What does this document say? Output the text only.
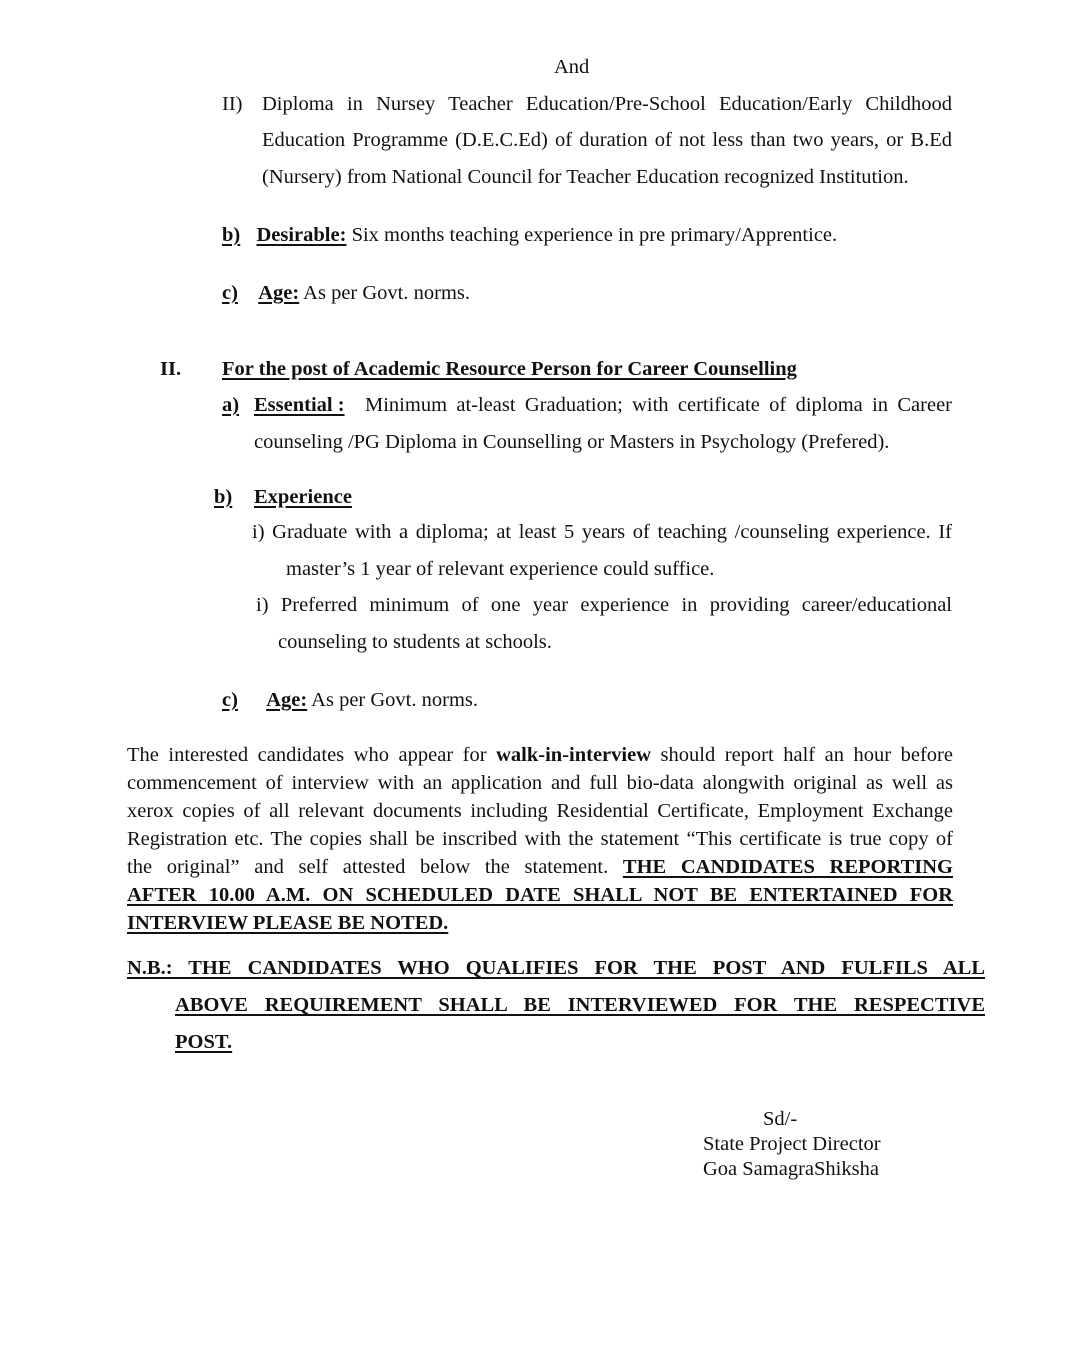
And
II) Diploma in Nursey Teacher Education/Pre-School Education/Early Childhood
Education Programme (D.E.C.Ed) of duration of not less than two years, or B.Ed
(Nursery) from National Council for Teacher Education recognized Institution.
b) Desirable: Six months teaching experience in pre primary/Apprentice.
c) Age: As per Govt. norms.
II. For the post of Academic Resource Person for Career Counselling
a) Essential : Minimum at-least Graduation; with certificate of diploma in Career
counseling /PG Diploma in Counselling or Masters in Psychology (Prefered).
b) Experience
i) Graduate with a diploma; at least 5 years of teaching /counseling experience. If
master’s 1 year of relevant experience could suffice.
i) Preferred minimum of one year experience in providing career/educational
counseling to students at schools.
c) Age: As per Govt. norms.
The interested candidates who appear for walk-in-interview should report half an hour before
commencement of interview with an application and full bio-data alongwith original as well as
xerox copies of all relevant documents including Residential Certificate, Employment Exchange
Registration etc. The copies shall be inscribed with the statement “This certificate is true copy of
the original” and self attested below the statement. THE CANDIDATES REPORTING
AFTER 10.00 A.M. ON SCHEDULED DATE SHALL NOT BE ENTERTAINED FOR
INTERVIEW PLEASE BE NOTED.
N.B.: THE CANDIDATES WHO QUALIFIES FOR THE POST AND FULFILS ALL
ABOVE REQUIREMENT SHALL BE INTERVIEWED FOR THE RESPECTIVE
POST.
Sd/-
State Project Director
Goa SamagraShiksha
